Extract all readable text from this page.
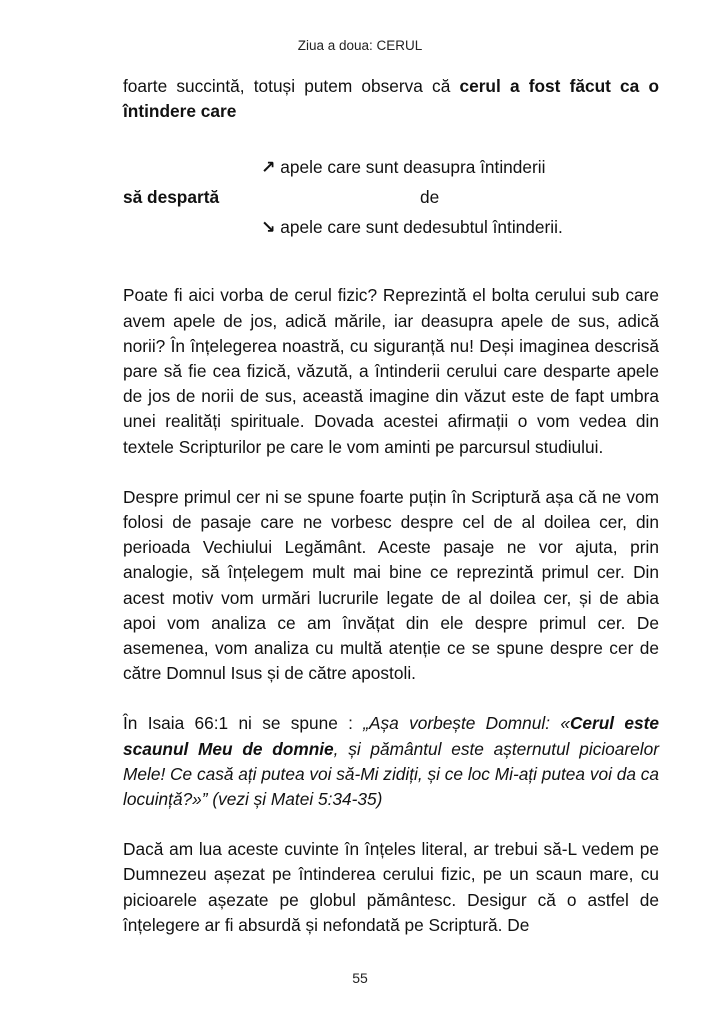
Ziua a doua: CERUL

foarte succintă, totuși putem observa că cerul a fost făcut ca o întindere care

↗ apele care sunt deasupra întinderii
să despartă	de
↘ apele care sunt dedesubtul întinderii.

Poate fi aici vorba de cerul fizic? Reprezintă el bolta cerului sub care avem apele de jos, adică mările, iar deasupra apele de sus, adică norii? În înțelegerea noastră, cu siguranță nu! Deși imaginea descrisă pare să fie cea fizică, văzută, a întinderii cerului care desparte apele de jos de norii de sus, această imagine din văzut este de fapt umbra unei realități spirituale. Dovada acestei afirmații o vom vedea din textele Scripturilor pe care le vom aminti pe parcursul studiului.

Despre primul cer ni se spune foarte puțin în Scriptură așa că ne vom folosi de pasaje care ne vorbesc despre cel de al doilea cer, din perioada Vechiului Legământ. Aceste pasaje ne vor ajuta, prin analogie, să înțelegem mult mai bine ce reprezintă primul cer. Din acest motiv vom urmări lucrurile legate de al doilea cer, și de abia apoi vom analiza ce am învățat din ele despre primul cer. De asemenea, vom analiza cu multă atenție ce se spune despre cer de către Domnul Isus și de către apostoli.

În Isaia 66:1 ni se spune : „Așa vorbește Domnul: «Cerul este scaunul Meu de domnie, și pământul este așternutul picioarelor Mele! Ce casă ați putea voi să-Mi zidiți, și ce loc Mi-ați putea voi da ca locuință?»” (vezi și Matei 5:34-35)

Dacă am lua aceste cuvinte în înțeles literal, ar trebui să-L vedem pe Dumnezeu așezat pe întinderea cerului fizic, pe un scaun mare, cu picioarele așezate pe globul pământesc. Desigur că o astfel de înțelegere ar fi absurdă și nefondată pe Scriptură. De

55
